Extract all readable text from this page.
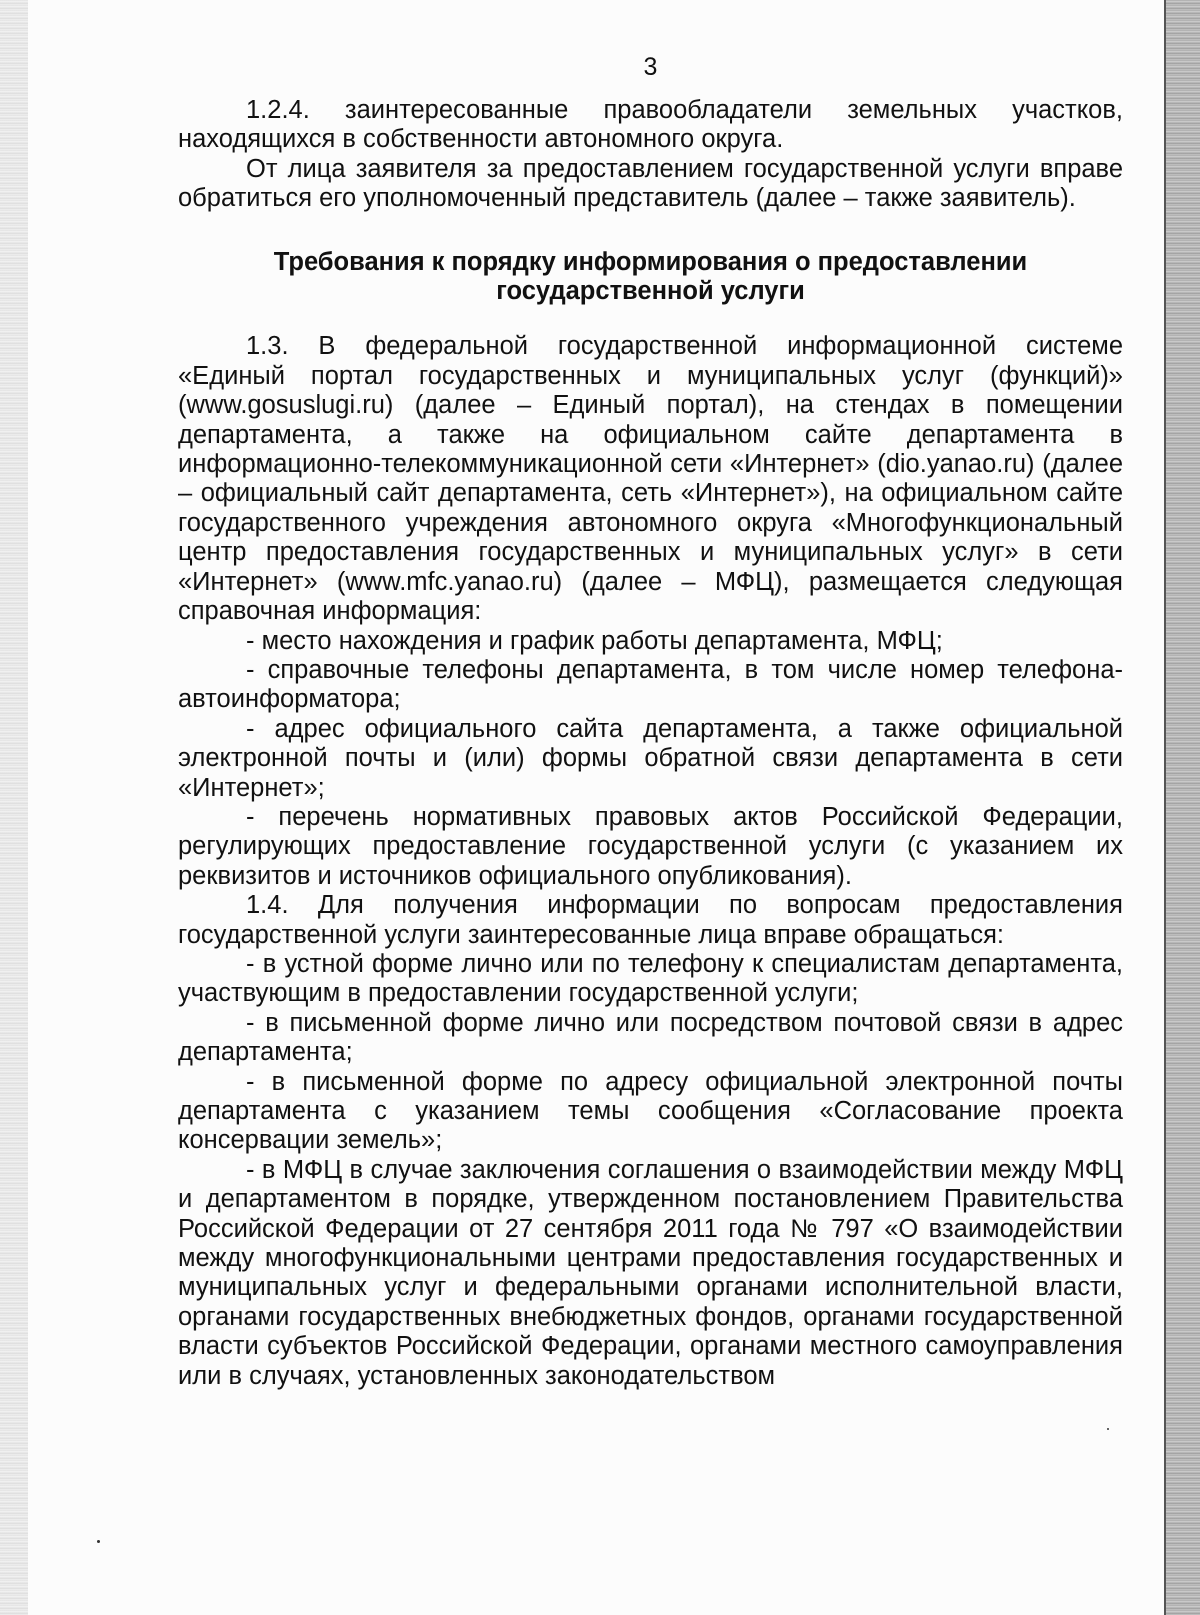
3

1.2.4. заинтересованные правообладатели земельных участков, находящихся в собственности автономного округа.

От лица заявителя за предоставлением государственной услуги вправе обратиться его уполномоченный представитель (далее – также заявитель).

Требования к порядку информирования о предоставлении
государственной услуги

1.3. В федеральной государственной информационной системе «Единый портал государственных и муниципальных услуг (функций)» (www.gosuslugi.ru) (далее – Единый портал), на стендах в помещении департамента, а также на официальном сайте департамента в информационно-телекоммуникационной сети «Интернет» (dio.yanao.ru) (далее – официальный сайт департамента, сеть «Интернет»), на официальном сайте государственного учреждения автономного округа «Многофункциональный центр предоставления государственных и муниципальных услуг» в сети «Интернет» (www.mfc.yanao.ru) (далее – МФЦ), размещается следующая справочная информация:

- место нахождения и график работы департамента, МФЦ;

- справочные телефоны департамента, в том числе номер телефона-автоинформатора;

- адрес официального сайта департамента, а также официальной электронной почты и (или) формы обратной связи департамента в сети «Интернет»;

- перечень нормативных правовых актов Российской Федерации, регулирующих предоставление государственной услуги (с указанием их реквизитов и источников официального опубликования).

1.4. Для получения информации по вопросам предоставления государственной услуги заинтересованные лица вправе обращаться:

- в устной форме лично или по телефону к специалистам департамента, участвующим в предоставлении государственной услуги;

- в письменной форме лично или посредством почтовой связи в адрес департамента;

- в письменной форме по адресу официальной электронной почты департамента с указанием темы сообщения «Согласование проекта консервации земель»;

- в МФЦ в случае заключения соглашения о взаимодействии между МФЦ и департаментом в порядке, утвержденном постановлением Правительства Российской Федерации от 27 сентября 2011 года № 797 «О взаимодействии между многофункциональными центрами предоставления государственных и муниципальных услуг и федеральными органами исполнительной власти, органами государственных внебюджетных фондов, органами государственной власти субъектов Российской Федерации, органами местного самоуправления или в случаях, установленных законодательством
